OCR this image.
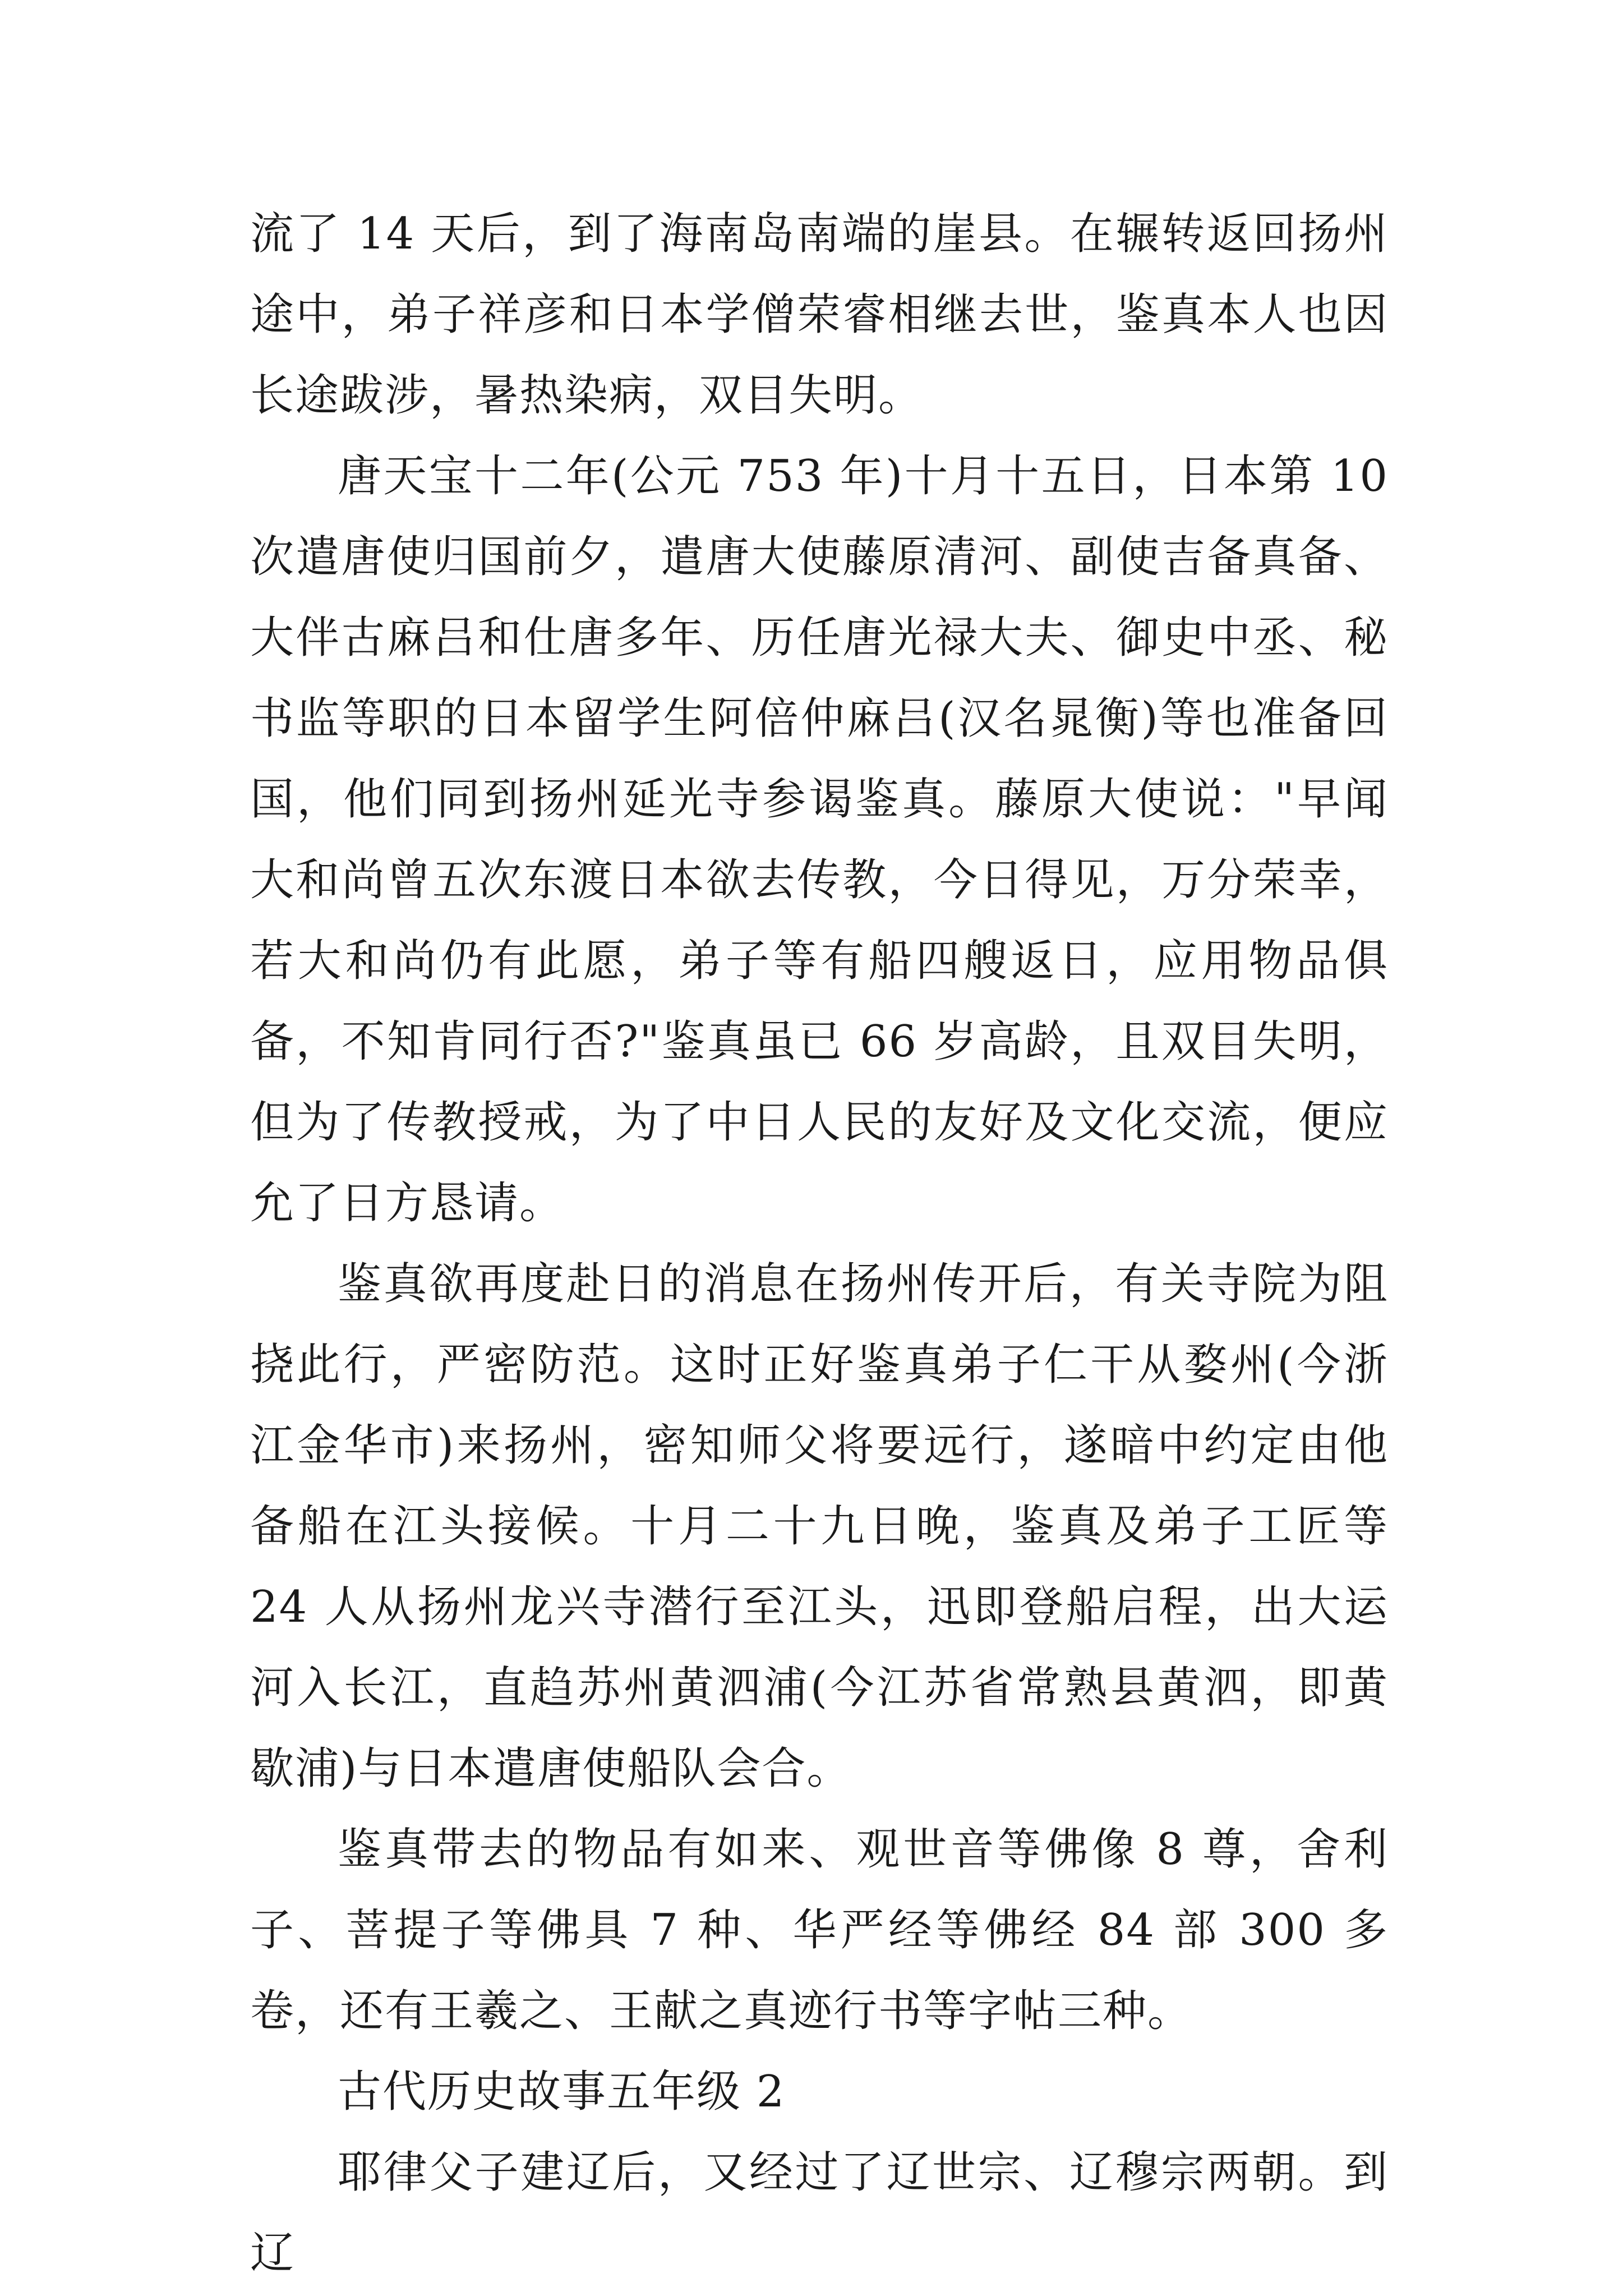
流了 14 天后，到了海南岛南端的崖县。在辗转返回扬州途中，弟子祥彦和日本学僧荣睿相继去世，鉴真本人也因长途跋涉，暑热染病，双目失明。

唐天宝十二年(公元 753 年)十月十五日，日本第 10 次遣唐使归国前夕，遣唐大使藤原清河、副使吉备真备、大伴古麻吕和仕唐多年、历任唐光禄大夫、御史中丞、秘书监等职的日本留学生阿倍仲麻吕(汉名晁衡)等也准备回国，他们同到扬州延光寺参谒鉴真。藤原大使说："早闻大和尚曾五次东渡日本欲去传教，今日得见，万分荣幸，若大和尚仍有此愿，弟子等有船四艘返日，应用物品俱备，不知肯同行否?"鉴真虽已 66 岁高龄，且双目失明，但为了传教授戒，为了中日人民的友好及文化交流，便应允了日方恳请。

鉴真欲再度赴日的消息在扬州传开后，有关寺院为阻挠此行，严密防范。这时正好鉴真弟子仁干从婺州(今浙江金华市)来扬州，密知师父将要远行，遂暗中约定由他备船在江头接候。十月二十九日晚，鉴真及弟子工匠等 24 人从扬州龙兴寺潜行至江头，迅即登船启程，出大运河入长江，直趋苏州黄泗浦(今江苏省常熟县黄泗，即黄歇浦)与日本遣唐使船队会合。

鉴真带去的物品有如来、观世音等佛像 8 尊，舍利子、菩提子等佛具 7 种、华严经等佛经 84 部 300 多卷，还有王羲之、王献之真迹行书等字帖三种。

古代历史故事五年级 2

耶律父子建辽后，又经过了辽世宗、辽穆宗两朝。到辽
